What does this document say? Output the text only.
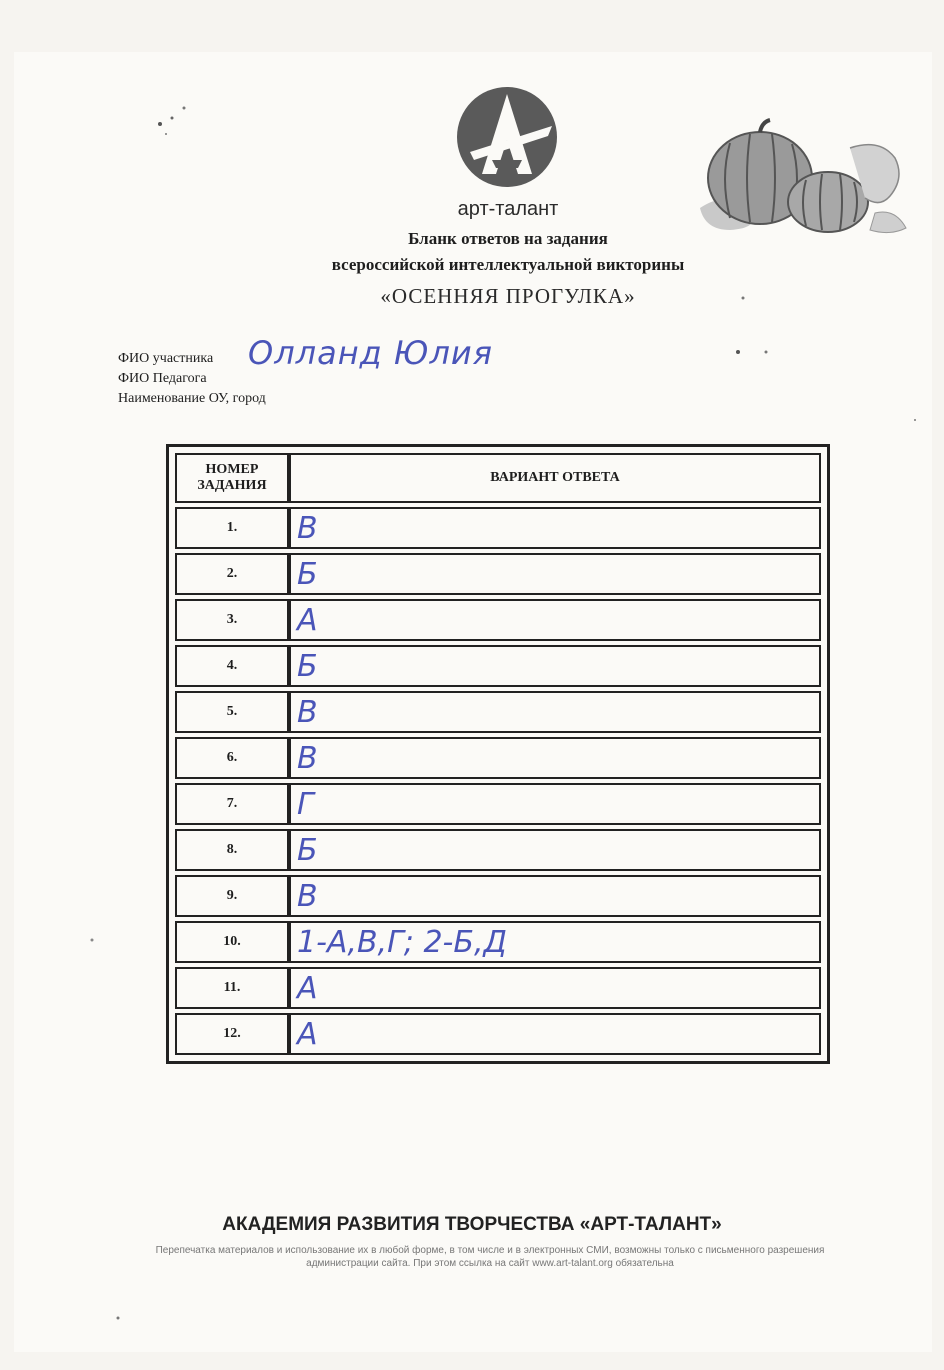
арт-талант
Бланк ответов на задания
всероссийской интеллектуальной викторины
«ОСЕННЯЯ ПРОГУЛКА»
ФИО участника
ФИО Педагога
Наименование ОУ, город
Олланд Юлия
НОМЕР ЗАДАНИЯ	ВАРИАНТ ОТВЕТА
1.	В
2.	Б
3.	А
4.	Б
5.	В
6.	В
7.	Г
8.	Б
9.	В
10.	1-А,В,Г; 2-Б,Д
11.	А
12.	А
АКАДЕМИЯ РАЗВИТИЯ ТВОРЧЕСТВА «АРТ-ТАЛАНТ»
Перепечатка материалов и использование их в любой форме, в том числе и в электронных СМИ, возможны только с письменного разрешения администрации сайта. При этом ссылка на сайт www.art-talant.org обязательна
